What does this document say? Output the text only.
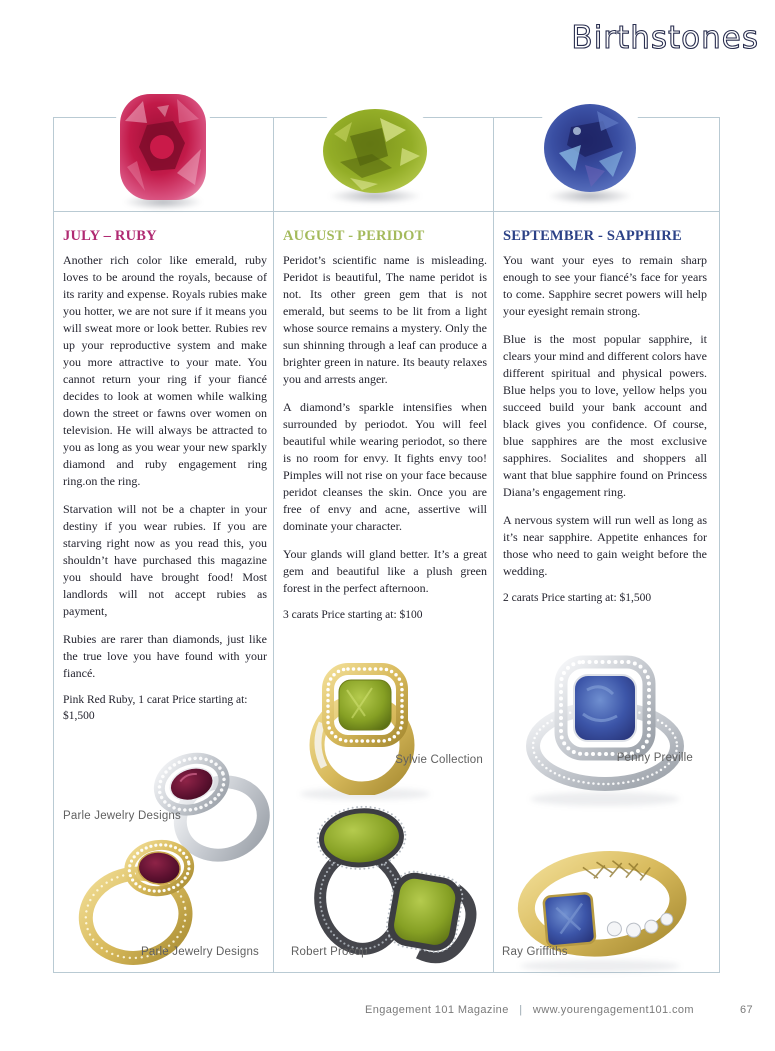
Birthstones
JULY – RUBY

Another rich color like emerald, ruby loves to be around the royals, because of its rarity and expense. Royals rubies make you hotter, we are not sure if it means you will sweat more or look better. Rubies rev up your reproductive system and make you more attractive to your mate. You cannot return your ring if your fiancé decides to look at women while walking down the street or fawns over women on television. He will always be attracted to you as long as you wear your new sparkly diamond and ruby engagement ring ring.on the ring.

Starvation will not be a chapter in your destiny if you wear rubies. If you are starving right now as you read this, you shouldn’t have purchased this magazine you should have brought food! Most landlords will not accept rubies as payment,

Rubies are rarer than diamonds, just like the true love you have found with your fiancé.

Pink Red Ruby, 1 carat Price starting at:
$1,500
AUGUST - PERIDOT

Peridot’s scientific name is misleading. Peridot is beautiful, The name peridot is not. Its other green gem that is not emerald, but seems to be lit from a light whose source remains a mystery. Only the sun shinning through a leaf can produce a brighter green in nature. Its beauty relaxes you and arrests anger.

A diamond’s sparkle intensifies when surrounded by periodot. You will feel beautiful while wearing periodot, so there is no room for envy. It fights envy too! Pimples will not rise on your face because peridot cleanses the skin. Once you are free of envy and acne, assertive will dominate your character.

Your glands will gland better. It’s a great gem and beautiful like a plush green forest in the perfect afternoon.

3 carats Price starting at: $100
SEPTEMBER - SAPPHIRE

You want your eyes to remain sharp enough to see your fiancé’s face for years to come. Sapphire secret powers will help your eyesight remain strong.

Blue is the most popular sapphire, it clears your mind and different colors have different spiritual and physical powers. Blue helps you to love, yellow helps you succeed build your bank account and black gives you confidence. Of course, blue sapphires are the most exclusive sapphires. Socialites and shoppers all want that blue sapphire found on Princess Diana’s engagement ring.

A nervous system will run well as long as it’s near sapphire. Appetite enhances for those who need to gain weight before the wedding.

2 carats Price starting at: $1,500
Parle Jewelry Designs
Parle Jewelry Designs
Sylvie Collection
Robert Procop
Penny Preville
Ray Griffiths
Engagement 101 Magazine | www.yourengagement101.com	67
